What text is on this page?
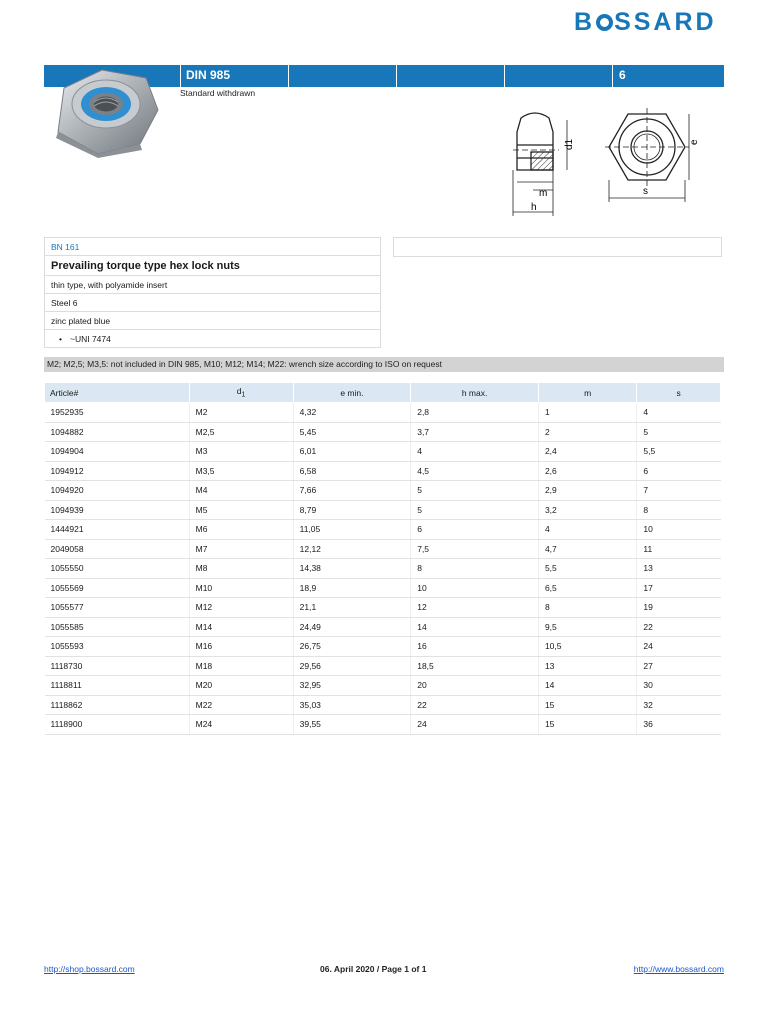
B SSARD
DIN 985	6
Standard withdrawn
d1
m
h
e
s
BN 161
Prevailing torque type hex lock nuts
thin type, with polyamide insert
Steel 6
zinc plated blue
• ~UNI 7474
M2; M2,5; M3,5: not included in DIN 985, M10; M12; M14; M22: wrench size according to ISO on request
Article#	$d_1$	e min.	h max.	m	s
1952935	M2	4,32	2,8	1	4
1094882	M2,5	5,45	3,7	2	5
1094904	M3	6,01	4	2,4	5,5
1094912	M3,5	6,58	4,5	2,6	6
1094920	M4	7,66	5	2,9	7
1094939	M5	8,79	5	3,2	8
1444921	M6	11,05	6	4	10
2049058	M7	12,12	7,5	4,7	11
1055550	M8	14,38	8	5,5	13
1055569	M10	18,9	10	6,5	17
1055577	M12	21,1	12	8	19
1055585	M14	24,49	14	9,5	22
1055593	M16	26,75	16	10,5	24
1118730	M18	29,56	18,5	13	27
1118811	M20	32,95	20	14	30
1118862	M22	35,03	22	15	32
1118900	M24	39,55	24	15	36
http://shop.bossard.com	06. April 2020 / Page 1 of 1	http://www.bossard.com
